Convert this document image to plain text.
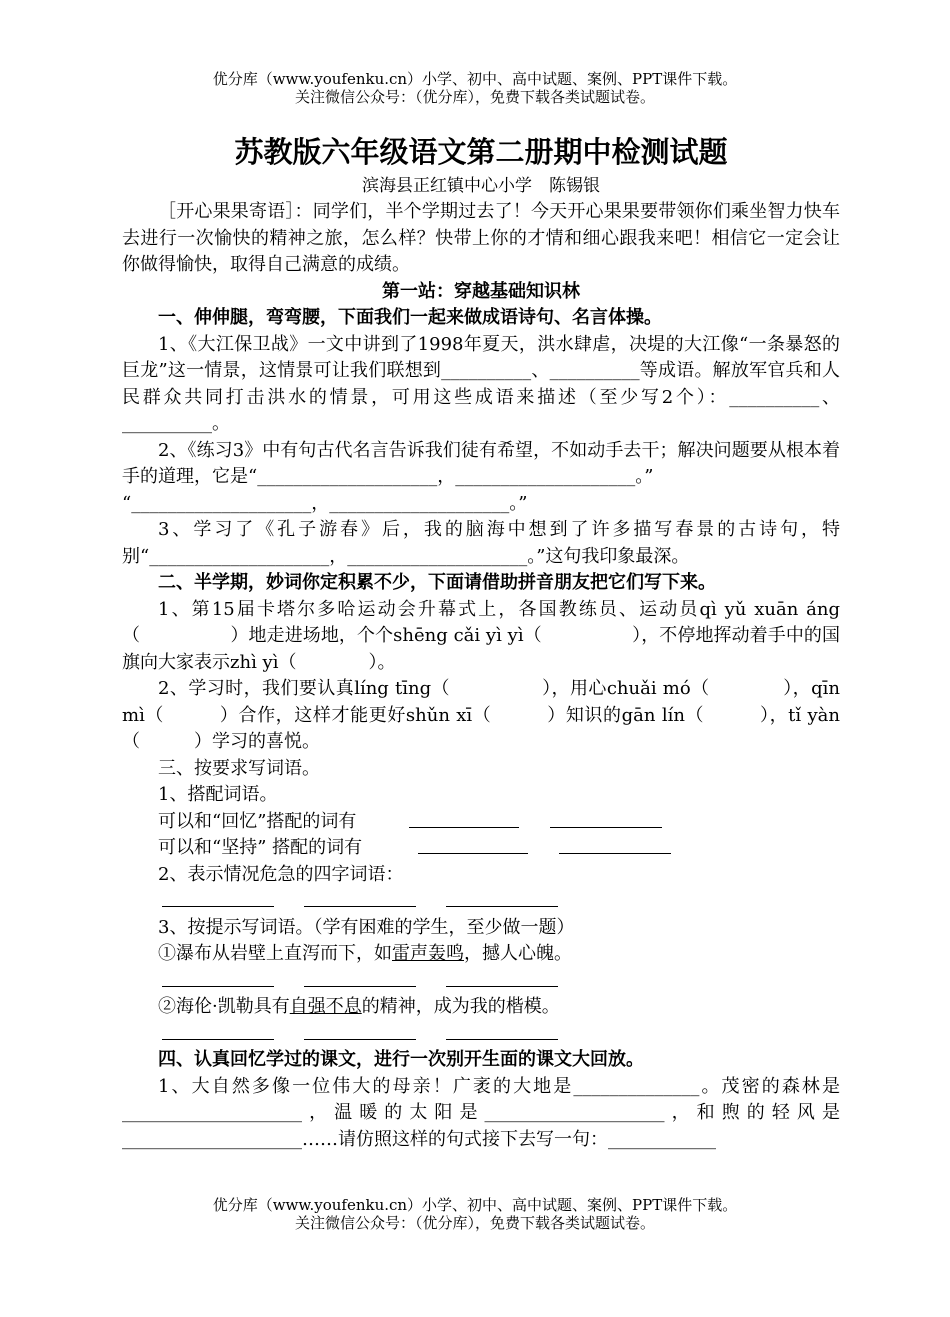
优分库（www.youfenku.cn）小学、初中、高中试题、案例、PPT课件下载。
关注微信公众号：（优分库），免费下载各类试题试卷。
苏教版六年级语文第二册期中检测试题
滨海县正红镇中心小学　陈锡银

［开心果果寄语］：同学们，半个学期过去了！今天开心果果要带领你们乘坐智力快车去进行一次愉快的精神之旅，怎么样？快带上你的才情和细心跟我来吧！相信它一定会让你做得愉快，取得自己满意的成绩。

第一站：穿越基础知识林

一、伸伸腿，弯弯腰，下面我们一起来做成语诗句、名言体操。

1、《大江保卫战》一文中讲到了1998年夏天，洪水肆虐，决堤的大江像“一条暴怒的巨龙”这一情景，这情景可让我们联想到__________、__________等成语。解放军官兵和人民群众共同打击洪水的情景，可用这些成语来描述（至少写2个）：__________、__________。

2、《练习3》中有句古代名言告诉我们徒有希望，不如动手去干；解决问题要从根本着手的道理，它是“____________________，____________________。”

“____________________，____________________。”

3、学习了《孔子游春》后，我的脑海中想到了许多描写春景的古诗句，特别“____________________，____________________。”这句我印象最深。

二、半学期，妙词你定积累不少，下面请借助拼音朋友把它们写下来。

1、第15届卡塔尔多哈运动会升幕式上，各国教练员、运动员qì yǔ xuān áng（　　　　　）地走进场地，个个shēng cǎi yì yì（　　　　　），不停地挥动着手中的国旗向大家表示zhì yì（　　　　）。

2、学习时，我们要认真líng tīng（　　　　　），用心chuǎi mó（　　　　），qīn mì（　　　）合作，这样才能更好shǔn xī（　　　）知识的gān lín（　　　），tǐ yàn（　　　）学习的喜悦。

三、按要求写词语。

1、搭配词语。

可以和“回忆”搭配的词有
可以和“坚持” 搭配的词有

2、表示情况危急的四字词语：

3、按提示写词语。（学有困难的学生，至少做一题）

①瀑布从岩壁上直泻而下，如雷声轰鸣，撼人心魄。

②海伦·凯勒具有自强不息的精神，成为我的楷模。

四、认真回忆学过的课文，进行一次别开生面的课文大回放。

1、大自然多像一位伟大的母亲！广袤的大地是______________。茂密的森林是____________________，温暖的太阳是____________________，和煦的轻风是____________________……请仿照这样的句式接下去写一句：____________

优分库（www.youfenku.cn）小学、初中、高中试题、案例、PPT课件下载。
关注微信公众号：（优分库），免费下载各类试题试卷。
